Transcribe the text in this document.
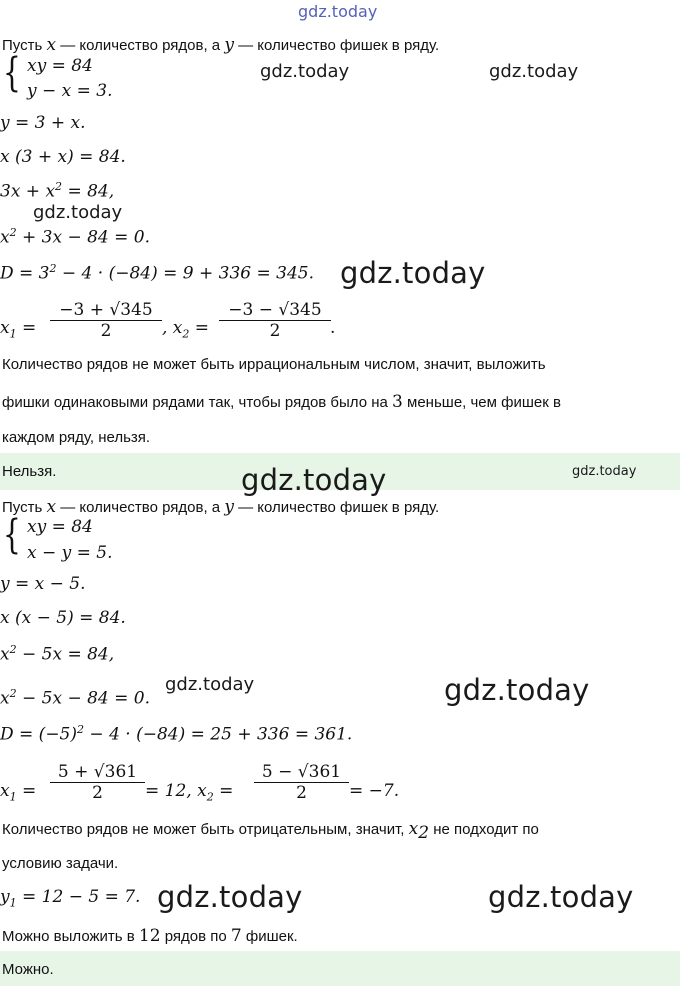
gdz.today
Пусть x — количество рядов, а y — количество фишек в ряду.
{ xy = 84
y − x = 3.
gdz.today	gdz.today
y = 3 + x.
x (3 + x) = 84.
$3x + x^2 = 84$,
gdz.today
$x^2 + 3x - 84 = 0$.
$D = 3^2 - 4 \cdot (-84) = 9 + 336 = 345$. gdz.today
$x_1$ =
−3 + √345
2	, $x_2$ =
−3 − √345
2	.
Количество рядов не может быть иррациональным числом, значит, выложить
фишки одинаковыми рядами так, чтобы рядов было на 3 меньше, чем фишек в
каждом ряду, нельзя.
Нельзя.	gdz.today
gdz.today
Пусть x — количество рядов, а y — количество фишек в ряду.
{ xy = 84
x − y = 5.
y = x − 5.
x (x − 5) = 84.
$x^2 - 5x = 84$,
$x^2 - 5x - 84 = 0$.
gdz.today	gdz.today
$D = (-5)^2 - 4 \cdot (-84) = 25 + 336 = 361$.
$x_1$ =
5 + √361
2	= 12, $x_2$ =
5 − √361
2	= −7.
Количество рядов не может быть отрицательным, значит, $x_2$ не подходит по
условию задачи.
$y_1 = 12 - 5 = 7$. gdz.today	gdz.today
Можно выложить в 12 рядов по 7 фишек.
Можно.
